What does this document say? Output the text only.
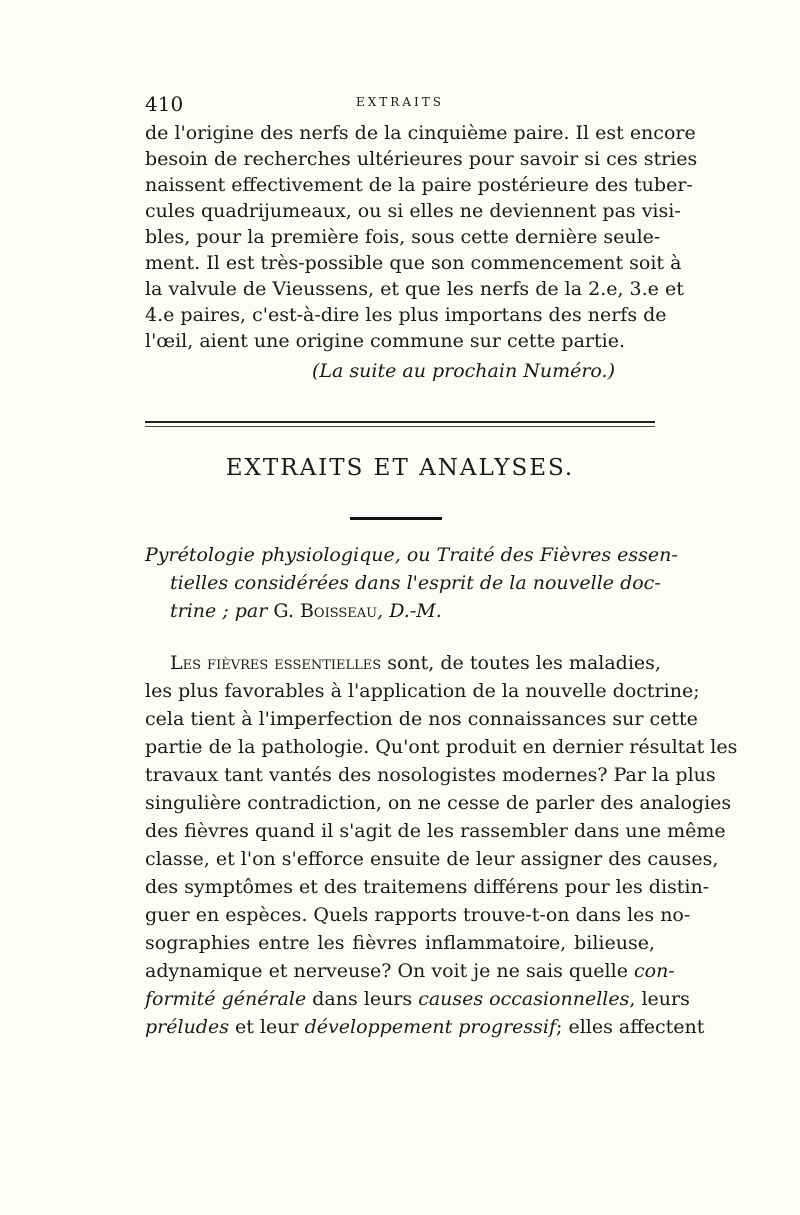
410	EXTRAITS
de l'origine des nerfs de la cinquième paire. Il est encore
besoin de recherches ultérieures pour savoir si ces stries
naissent effectivement de la paire postérieure des tuber-
cules quadrijumeaux, ou si elles ne deviennent pas visi-
bles, pour la première fois, sous cette dernière seule-
ment. Il est très-possible que son commencement soit à
la valvule de Vieussens, et que les nerfs de la 2.e, 3.e et
4.e paires, c'est-à-dire les plus importans des nerfs de
l'œil, aient une origine commune sur cette partie.
(La suite au prochain Numéro.)
EXTRAITS ET ANALYSES.
Pyrétologie physiologique, ou Traité des Fièvres essen-
tielles considérées dans l'esprit de la nouvelle doc-
trine ; par G. Boisseau, D.-M.
Les fièvres essentielles sont, de toutes les maladies,
les plus favorables à l'application de la nouvelle doctrine;
cela tient à l'imperfection de nos connaissances sur cette
partie de la pathologie. Qu'ont produit en dernier résultat les
travaux tant vantés des nosologistes modernes? Par la plus
singulière contradiction, on ne cesse de parler des analogies
des fièvres quand il s'agit de les rassembler dans une même
classe, et l'on s'efforce ensuite de leur assigner des causes,
des symptômes et des traitemens différens pour les distin-
guer en espèces. Quels rapports trouve-t-on dans les no-
sographies entre les fièvres inflammatoire, bilieuse,
adynamique et nerveuse? On voit je ne sais quelle con-
formité générale dans leurs causes occasionnelles, leurs
préludes et leur développement progressif; elles affectent
